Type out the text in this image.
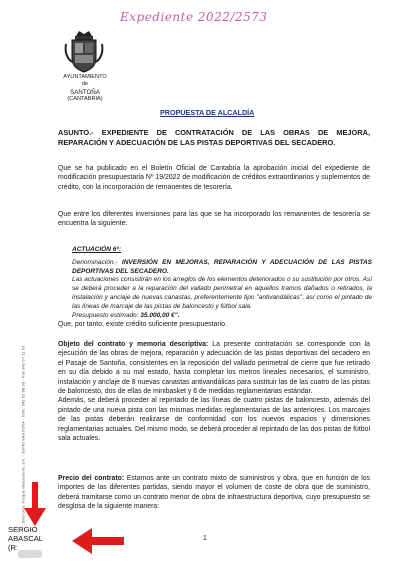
Expediente 2022/2573
AYUNTAMIENTO
de
SANTOÑA
(CANTABRIA)
Dirección: Parque Manzanedo, s/n. - 39740 SANTOÑA - Telfs. 942 62 88 90 - Fax 942 67 11 97
PROPUESTA DE ALCALDÍA
ASUNTO.- EXPEDIENTE DE CONTRATACIÓN DE LAS OBRAS DE MEJORA, REPARACIÓN Y ADECUACIÓN DE LAS PISTAS DEPORTIVAS DEL SECADERO.
Que se ha publicado en el Boletín Oficial de Cantabria la aprobación inicial del expediente de modificación presupuestaria Nº 19/2022 de modificación de créditos extraordinarios y suplementos de crédito, con la incorporación de remanentes de tesorería.
Que entre los diferentes inversiones para las que se ha incorporado los remanentes de tesorería se encuentra la siguiente:
ACTUACIÓN 6ª:
Denominación.- INVERSIÓN EN MEJORAS, REPARACIÓN Y ADECUACIÓN DE LAS PISTAS DEPORTIVAS DEL SECADERO.
Las actuaciones consistirán en los arreglos de los elementos deteriorados o su sustitución por otros. Así se deberá proceder a la reparación del vallado perimetral en aquellos tramos dañados o retirados, la instalación y anclaje de nuevas canastas, preferentemente tipo "antivandálicas", así como el pintado de las líneas de marcaje de las pistas de baloncesto y fútbol sala.
Presupuesto estimado: 35.000,00 €".
Que, por tanto, existe crédito suficiente presupuestario.
Objeto del contrato y memoria descriptiva: La presente contratación se corresponde con la ejecución de las obras de mejora, reparación y adecuación de las pistas deportivas del secadero en el Pasaje de Santoña, consistentes en la reposición del vallado perimetral de cierre que fue retirado en su día debido a su mal estado, hasta completar los metros lineales necesarios, el suministro, instalación y anclaje de 8 nuevas canastas antivandálicas para sustituir las de las cuatro de las pistas de baloncesto, dos de ellas de minibasket y 6 de medidas reglamentarias estándar.
Además, se deberá proceder al repintado de las líneas de cuatro pistas de baloncesto, además del pintado de una nueva pista con las mismas medidas reglamentarias de las anteriores. Los marcajes de las pistas deberán realizarse de conformidad con los nuevos espacios y dimensiones reglamentarias actuales. Del mismo modo, se deberá proceder al repintado de las dos pistas de fútbol sala actuales.
Precio del contrato: Estamos ante un contrato mixto de suministros y obra, que en función de los importes de las diferentes partidas, siendo mayor el volumen de coste de obra que de suministro, deberá tramitarse como un contrato menor de obra de infraestructura deportiva, cuyo presupuesto se desglosa de la siguiente manera:
SERGIO
ABASCAL
(R:
1
